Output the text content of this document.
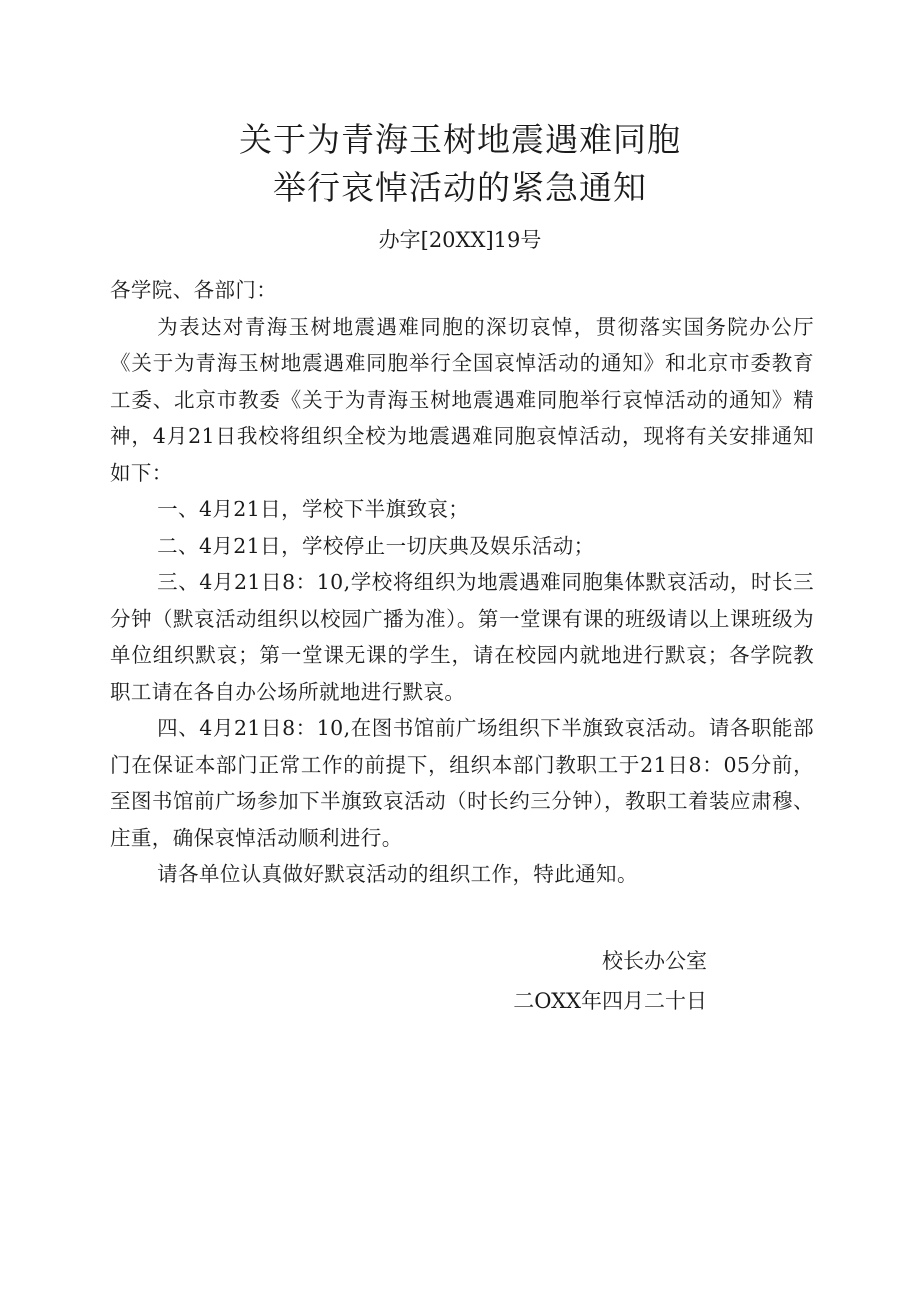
关于为青海玉树地震遇难同胞
举行哀悼活动的紧急通知
办字[20XX]19号

各学院、各部门：

为表达对青海玉树地震遇难同胞的深切哀悼，贯彻落实国务院办公厅《关于为青海玉树地震遇难同胞举行全国哀悼活动的通知》和北京市委教育工委、北京市教委《关于为青海玉树地震遇难同胞举行哀悼活动的通知》精神，4月21日我校将组织全校为地震遇难同胞哀悼活动，现将有关安排通知如下：

一、4月21日，学校下半旗致哀；

二、4月21日，学校停止一切庆典及娱乐活动；

三、4月21日8：10,学校将组织为地震遇难同胞集体默哀活动，时长三分钟（默哀活动组织以校园广播为准）。第一堂课有课的班级请以上课班级为单位组织默哀；第一堂课无课的学生，请在校园内就地进行默哀；各学院教职工请在各自办公场所就地进行默哀。

四、4月21日8：10,在图书馆前广场组织下半旗致哀活动。请各职能部门在保证本部门正常工作的前提下，组织本部门教职工于21日8：05分前，至图书馆前广场参加下半旗致哀活动（时长约三分钟），教职工着装应肃穆、庄重，确保哀悼活动顺利进行。

请各单位认真做好默哀活动的组织工作，特此通知。

校长办公室
二OXX年四月二十日
